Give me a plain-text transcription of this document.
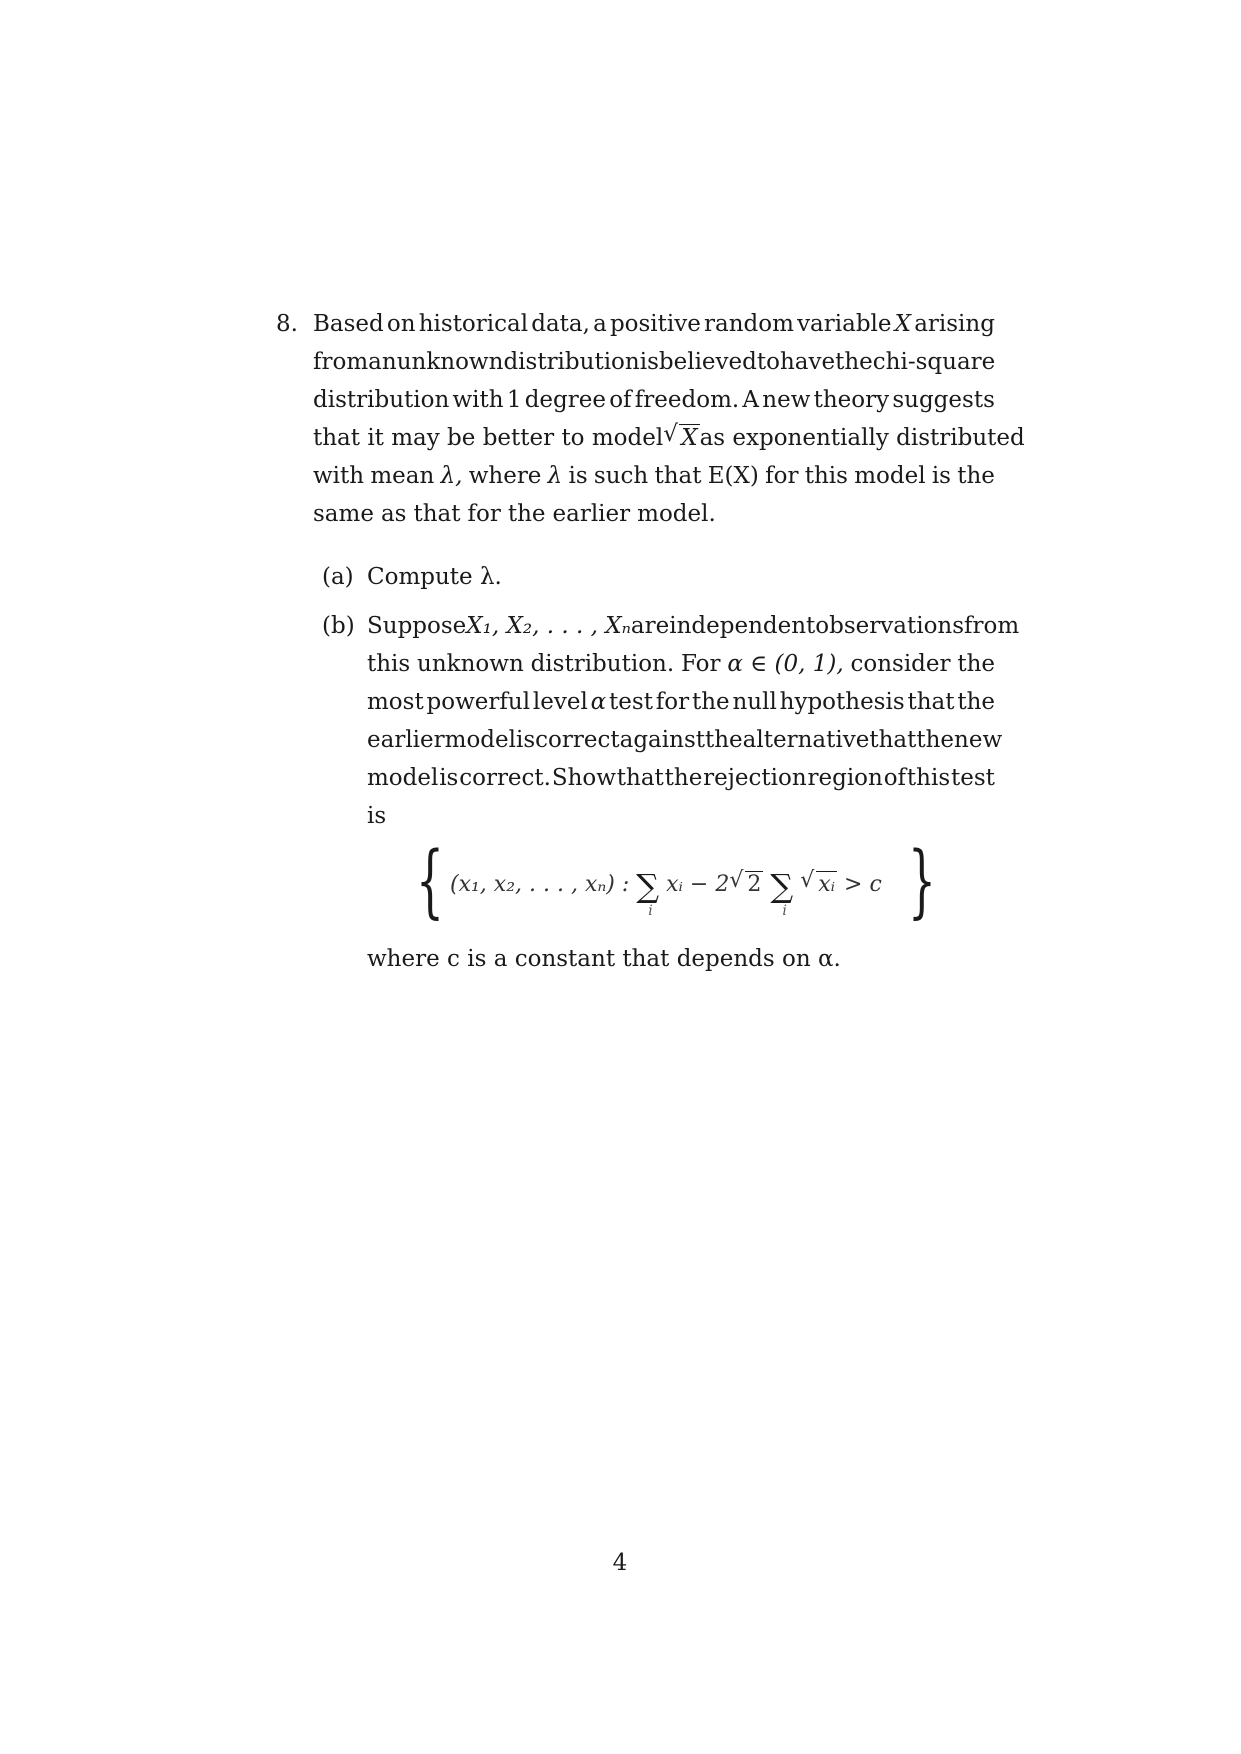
8. Based on historical data, a positive random variable X arising
from an unknown distribution is believed to have the chi-square
distribution with 1 degree of freedom. A new theory suggests
that it may be better to model √ X as exponentially distributed
with mean λ, where λ is such that E(X) for this model is the
same as that for the earlier model.
(a) Compute λ.
(b) Suppose X₁, X₂, . . . , Xₙ are independent observations from
this unknown distribution. For α ∈ (0, 1), consider the
most powerful level α test for the null hypothesis that the
earlier model is correct against the alternative that the new
model is correct. Show that the rejection region of this test
is
{ (x₁, x₂, . . . , xₙ) : ∑
i
xᵢ − 2 √ 2 ∑
i

√ xᵢ > c }
where c is a constant that depends on α.
4
